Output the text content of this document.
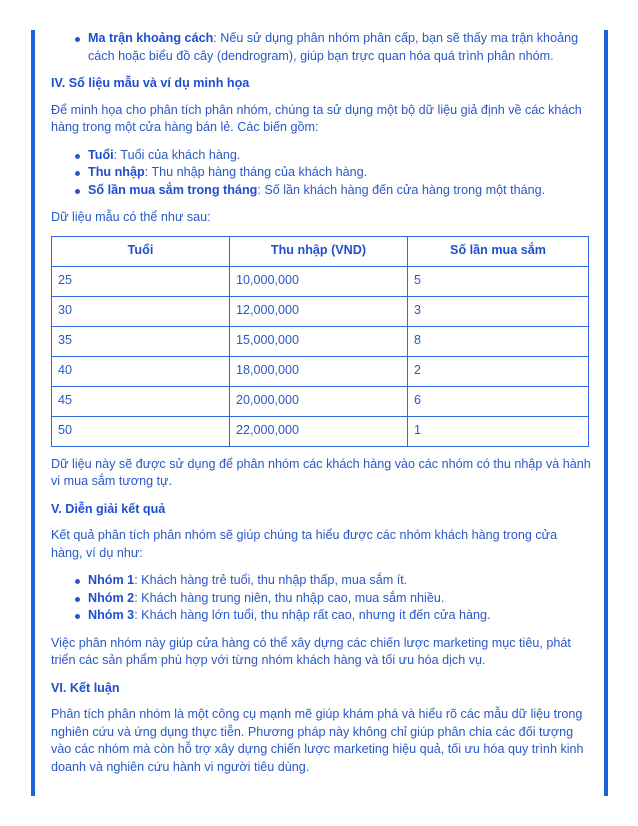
Ma trận khoảng cách: Nếu sử dụng phân nhóm phân cấp, bạn sẽ thấy ma trận khoảng cách hoặc biểu đồ cây (dendrogram), giúp bạn trực quan hóa quá trình phân nhóm.
IV. Số liệu mẫu và ví dụ minh họa

Để minh họa cho phân tích phân nhóm, chúng ta sử dụng một bộ dữ liệu giả định về các khách hàng trong một cửa hàng bán lẻ. Các biến gồm:

Tuổi: Tuổi của khách hàng.
Thu nhập: Thu nhập hàng tháng của khách hàng.
Số lần mua sắm trong tháng: Số lần khách hàng đến cửa hàng trong một tháng.

Dữ liệu mẫu có thể như sau:

Tuổi	Thu nhập (VND)	Số lần mua sắm
25	10,000,000	5
30	12,000,000	3
35	15,000,000	8
40	18,000,000	2
45	20,000,000	6
50	22,000,000	1

Dữ liệu này sẽ được sử dụng để phân nhóm các khách hàng vào các nhóm có thu nhập và hành vi mua sắm tương tự.

V. Diễn giải kết quả

Kết quả phân tích phân nhóm sẽ giúp chúng ta hiểu được các nhóm khách hàng trong cửa hàng, ví dụ như:

Nhóm 1: Khách hàng trẻ tuổi, thu nhập thấp, mua sắm ít.
Nhóm 2: Khách hàng trung niên, thu nhập cao, mua sắm nhiều.
Nhóm 3: Khách hàng lớn tuổi, thu nhập rất cao, nhưng ít đến cửa hàng.

Việc phân nhóm này giúp cửa hàng có thể xây dựng các chiến lược marketing mục tiêu, phát triển các sản phẩm phù hợp với từng nhóm khách hàng và tối ưu hóa dịch vụ.

VI. Kết luận

Phân tích phân nhóm là một công cụ mạnh mẽ giúp khám phá và hiểu rõ các mẫu dữ liệu trong nghiên cứu và ứng dụng thực tiễn. Phương pháp này không chỉ giúp phân chia các đối tượng vào các nhóm mà còn hỗ trợ xây dựng chiến lược marketing hiệu quả, tối ưu hóa quy trình kinh doanh và nghiên cứu hành vi người tiêu dùng.
